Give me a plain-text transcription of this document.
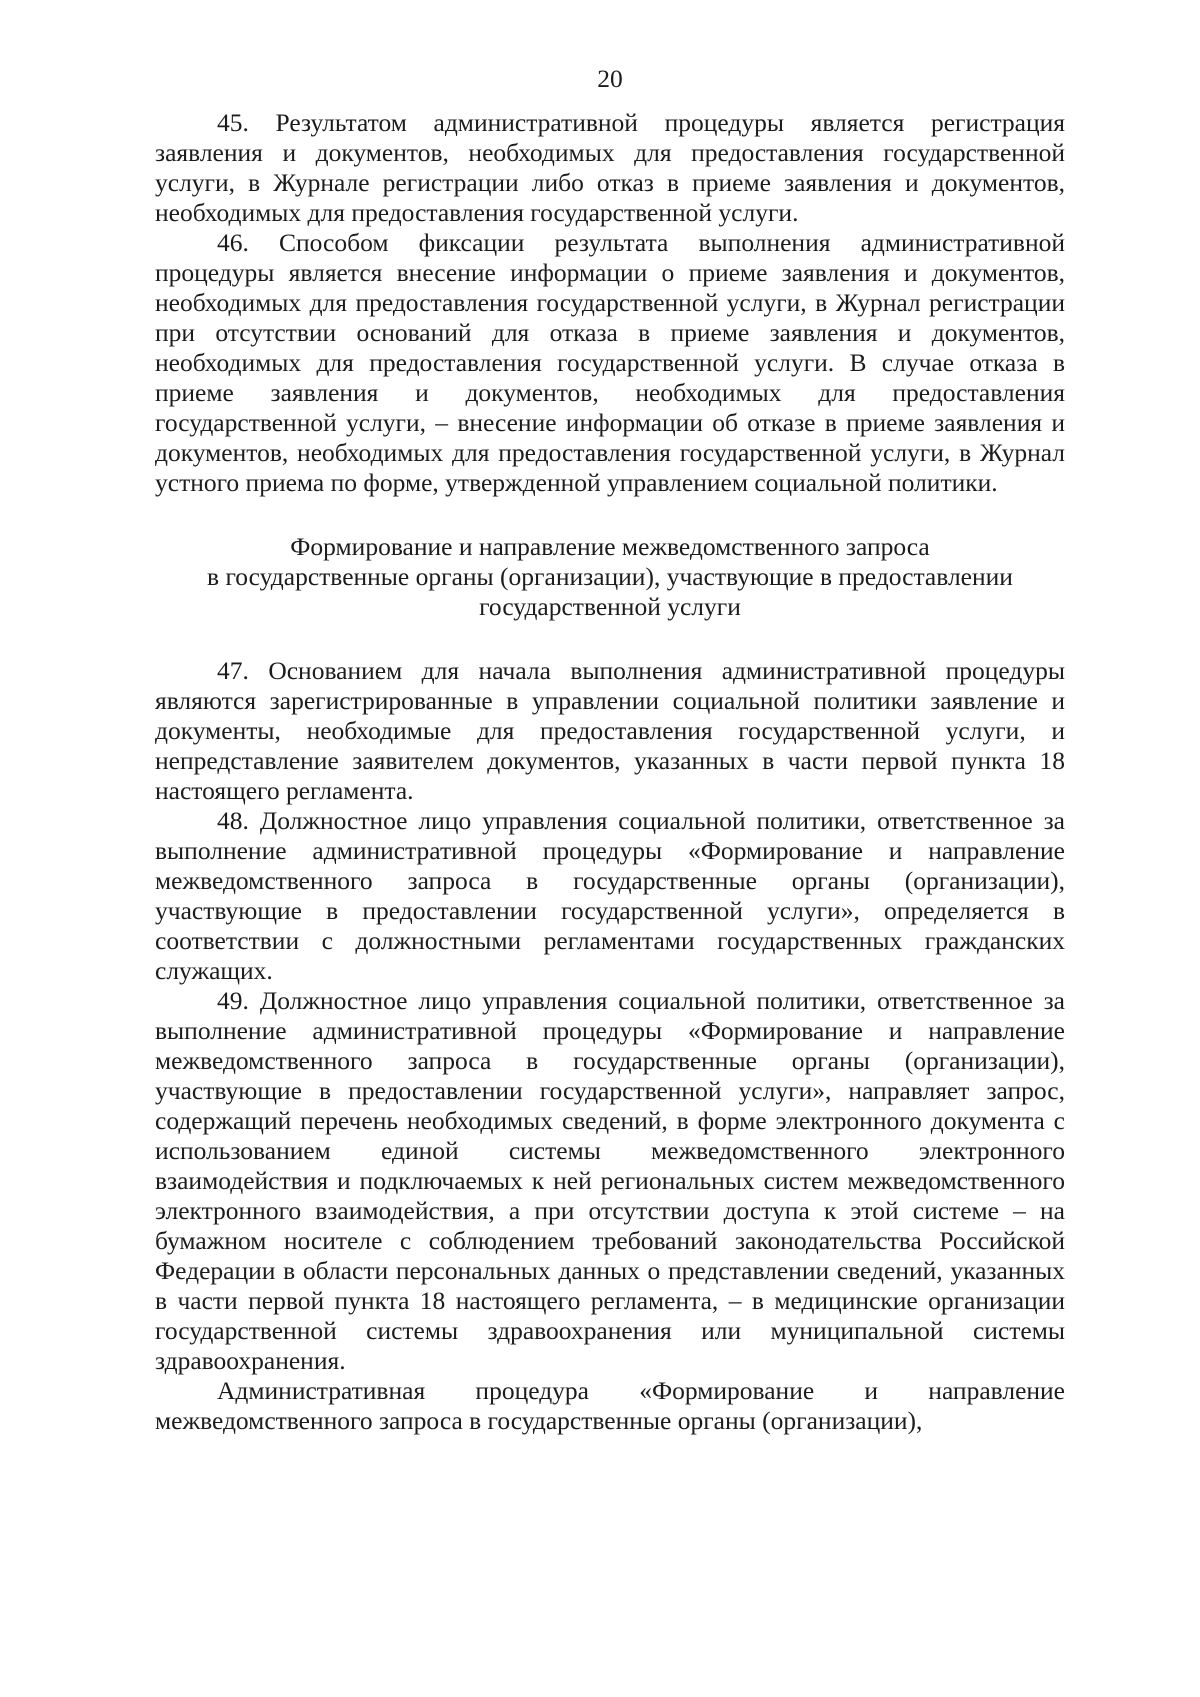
20

45. Результатом административной процедуры является регистрация заявления и документов, необходимых для предоставления государственной услуги, в Журнале регистрации либо отказ в приеме заявления и документов, необходимых для предоставления государственной услуги.

46. Способом фиксации результата выполнения административной процедуры является внесение информации о приеме заявления и документов, необходимых для предоставления государственной услуги, в Журнал регистрации при отсутствии оснований для отказа в приеме заявления и документов, необходимых для предоставления государственной услуги. В случае отказа в приеме заявления и документов, необходимых для предоставления государственной услуги, – внесение информации об отказе в приеме заявления и документов, необходимых для предоставления государственной услуги, в Журнал устного приема по форме, утвержденной управлением социальной политики.

Формирование и направление межведомственного запроса
в государственные органы (организации), участвующие в предоставлении
государственной услуги

47. Основанием для начала выполнения административной процедуры являются зарегистрированные в управлении социальной политики заявление и документы, необходимые для предоставления государственной услуги, и непредставление заявителем документов, указанных в части первой пункта 18 настоящего регламента.

48. Должностное лицо управления социальной политики, ответственное за выполнение административной процедуры «Формирование и направление межведомственного запроса в государственные органы (организации), участвующие в предоставлении государственной услуги», определяется в соответствии с должностными регламентами государственных гражданских служащих.

49. Должностное лицо управления социальной политики, ответственное за выполнение административной процедуры «Формирование и направление межведомственного запроса в государственные органы (организации), участвующие в предоставлении государственной услуги», направляет запрос, содержащий перечень необходимых сведений, в форме электронного документа с использованием единой системы межведомственного электронного взаимодействия и подключаемых к ней региональных систем межведомственного электронного взаимодействия, а при отсутствии доступа к этой системе – на бумажном носителе с соблюдением требований законодательства Российской Федерации в области персональных данных о представлении сведений, указанных в части первой пункта 18 настоящего регламента, – в медицинские организации государственной системы здравоохранения или муниципальной системы здравоохранения.

Административная процедура «Формирование и направление межведомственного запроса в государственные органы (организации),
